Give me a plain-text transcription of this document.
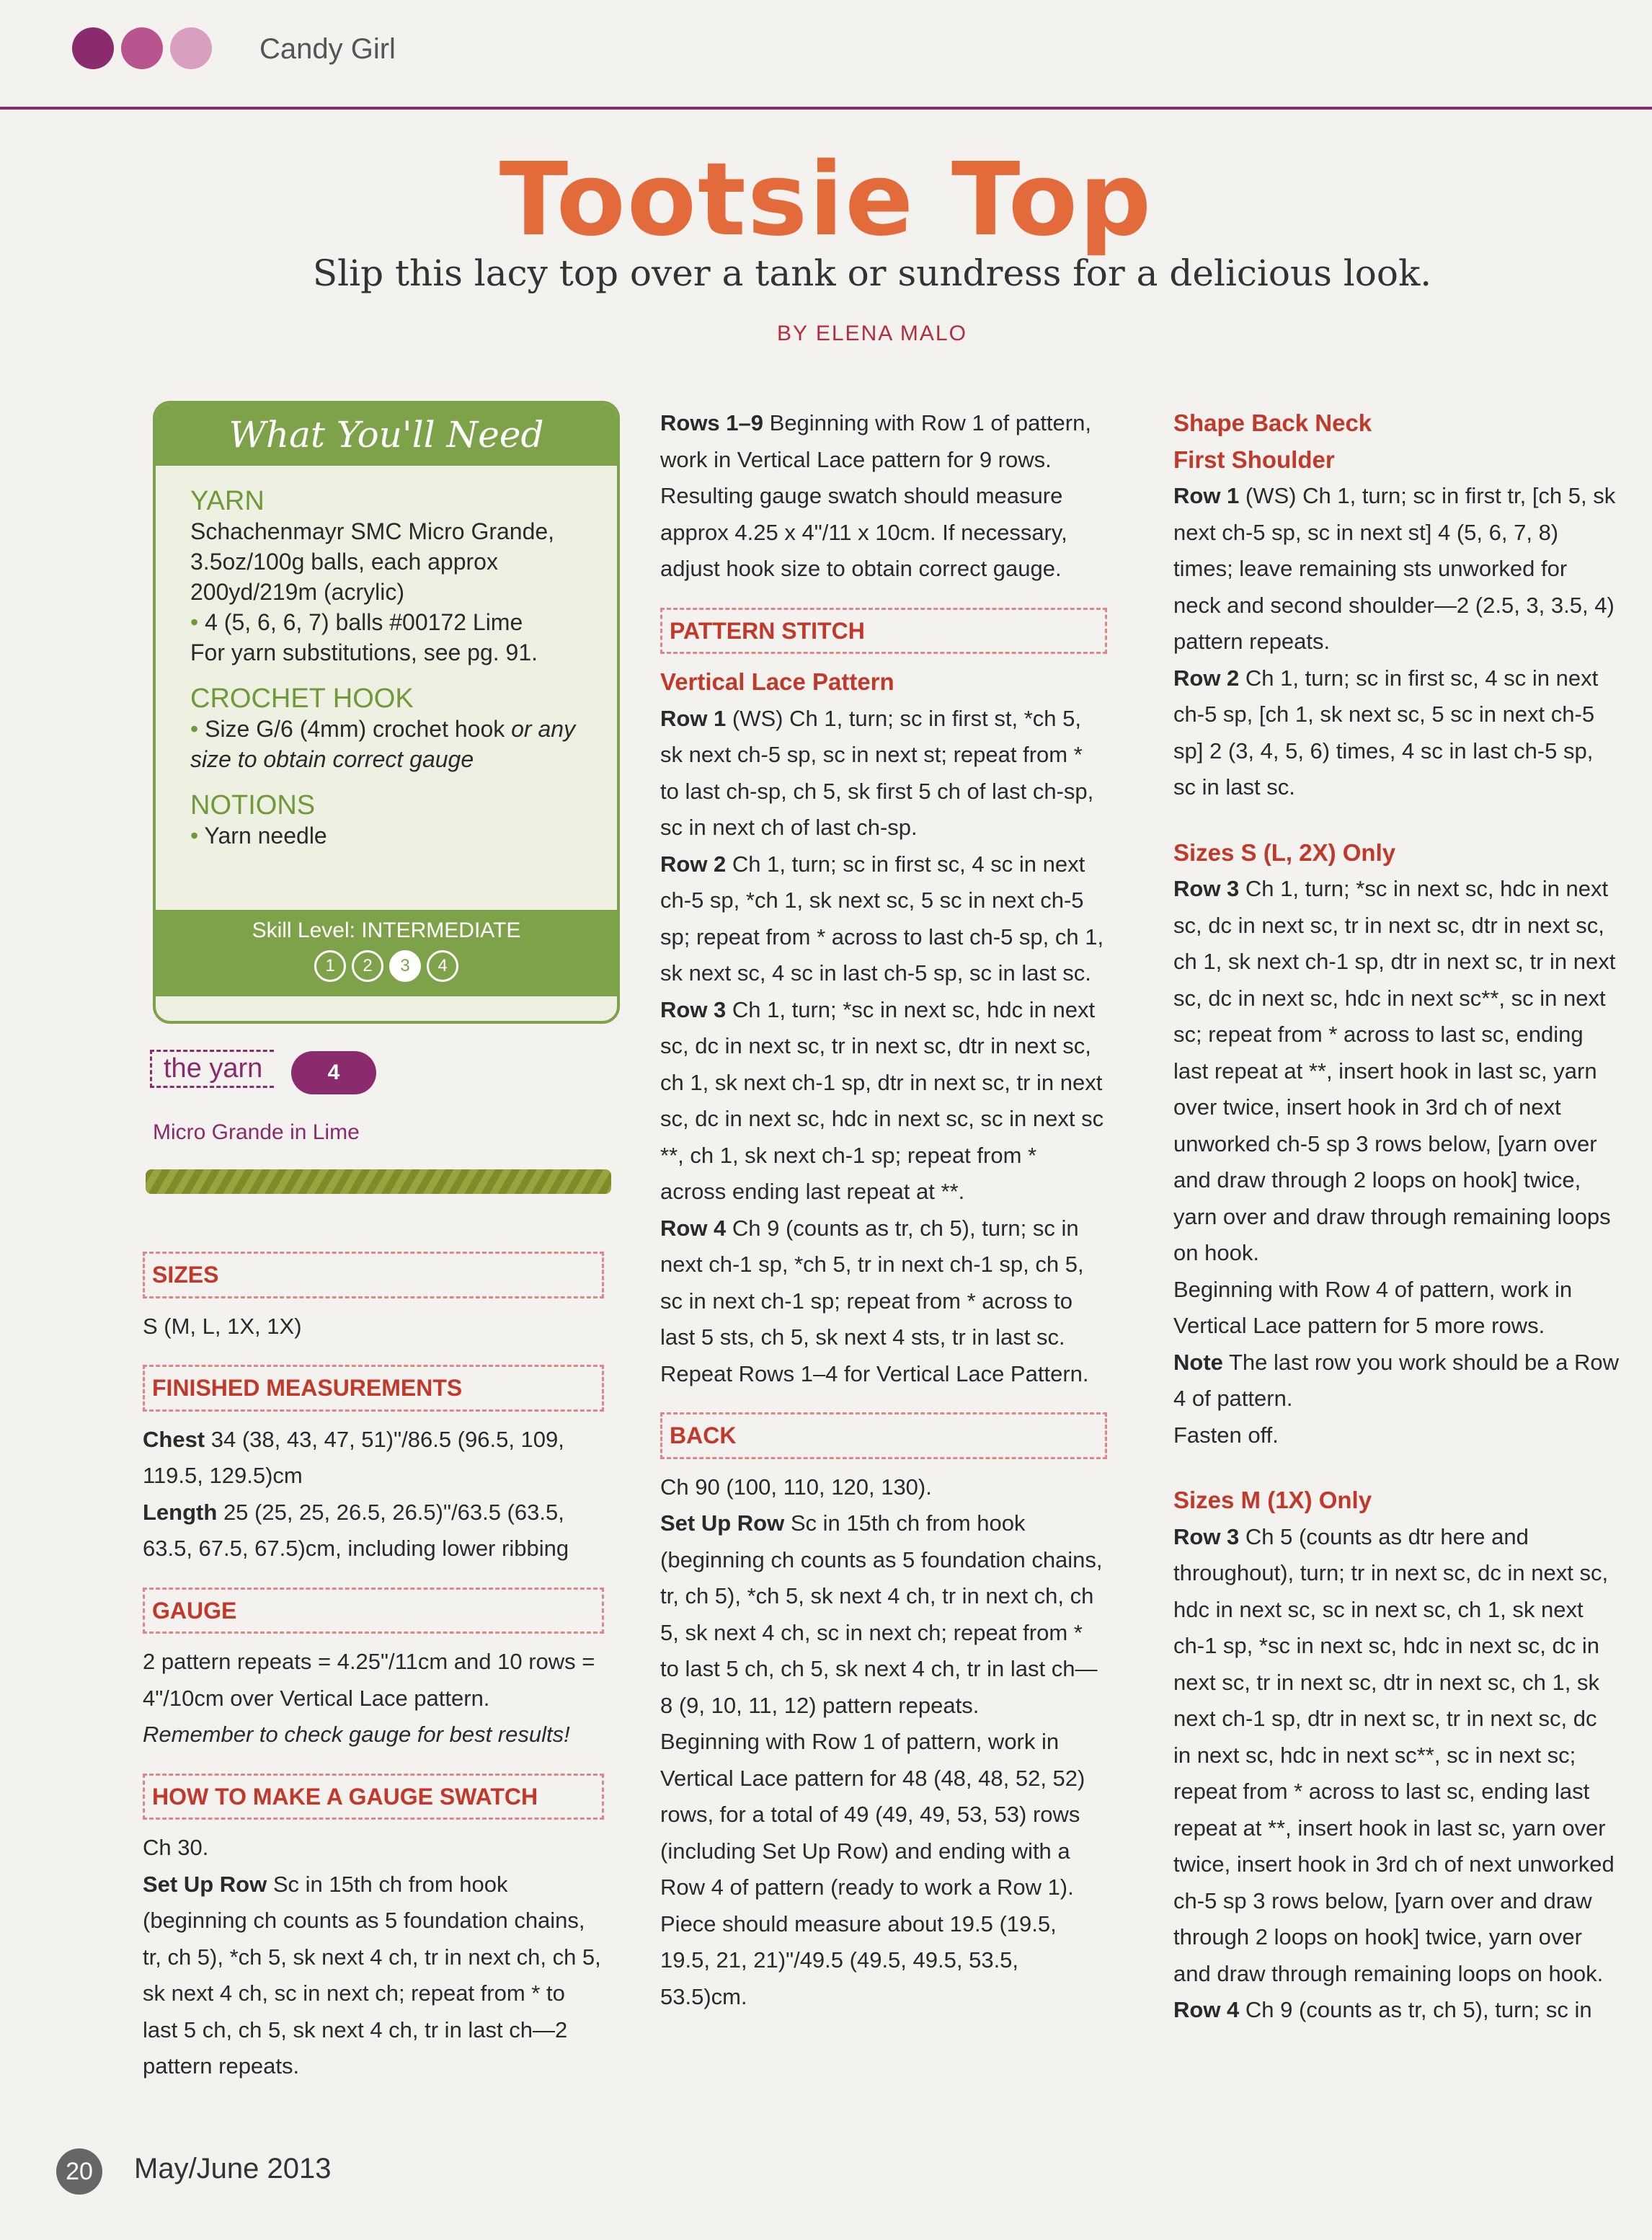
Candy Girl
Tootsie Top
Slip this lacy top over a tank or sundress for a delicious look.
BY ELENA MALO
What You'll Need
YARN
Schachenmayr SMC Micro Grande,
3.5oz/100g balls, each approx
200yd/219m (acrylic)
• 4 (5, 6, 6, 7) balls #00172 Lime
For yarn substitutions, see pg. 91.
CROCHET HOOK
• Size G/6 (4mm) crochet hook or any size to obtain correct gauge
NOTIONS
• Yarn needle
Skill Level: INTERMEDIATE
1	2	3	4
the yarn	4
Micro Grande in Lime
SIZES

S (M, L, 1X, 1X)

FINISHED MEASUREMENTS

Chest 34 (38, 43, 47, 51)"/86.5 (96.5, 109, 119.5, 129.5)cm

Length 25 (25, 25, 26.5, 26.5)"/63.5 (63.5, 63.5, 67.5, 67.5)cm, including lower ribbing

GAUGE

2 pattern repeats = 4.25"/11cm and 10 rows = 4"/10cm over Vertical Lace pattern.

Remember to check gauge for best results!

HOW TO MAKE A GAUGE SWATCH

Ch 30.

Set Up Row Sc in 15th ch from hook (beginning ch counts as 5 foundation chains, tr, ch 5), *ch 5, sk next 4 ch, tr in next ch, ch 5, sk next 4 ch, sc in next ch; repeat from * to last 5 ch, ch 5, sk next 4 ch, tr in last ch—2 pattern repeats.

Rows 1–9 Beginning with Row 1 of pattern, work in Vertical Lace pattern for 9 rows. Resulting gauge swatch should measure approx 4.25 x 4"/11 x 10cm. If necessary, adjust hook size to obtain correct gauge.

PATTERN STITCH
Vertical Lace Pattern

Row 1 (WS) Ch 1, turn; sc in first st, *ch 5, sk next ch-5 sp, sc in next st; repeat from * to last ch-sp, ch 5, sk first 5 ch of last ch-sp, sc in next ch of last ch-sp.

Row 2 Ch 1, turn; sc in first sc, 4 sc in next ch-5 sp, *ch 1, sk next sc, 5 sc in next ch-5 sp; repeat from * across to last ch-5 sp, ch 1, sk next sc, 4 sc in last ch-5 sp, sc in last sc.

Row 3 Ch 1, turn; *sc in next sc, hdc in next sc, dc in next sc, tr in next sc, dtr in next sc, ch 1, sk next ch-1 sp, dtr in next sc, tr in next sc, dc in next sc, hdc in next sc, sc in next sc **, ch 1, sk next ch-1 sp; repeat from * across ending last repeat at **.

Row 4 Ch 9 (counts as tr, ch 5), turn; sc in next ch-1 sp, *ch 5, tr in next ch-1 sp, ch 5, sc in next ch-1 sp; repeat from * across to last 5 sts, ch 5, sk next 4 sts, tr in last sc. Repeat Rows 1–4 for Vertical Lace Pattern.

BACK

Ch 90 (100, 110, 120, 130).

Set Up Row Sc in 15th ch from hook (beginning ch counts as 5 foundation chains, tr, ch 5), *ch 5, sk next 4 ch, tr in next ch, ch 5, sk next 4 ch, sc in next ch; repeat from * to last 5 ch, ch 5, sk next 4 ch, tr in last ch—8 (9, 10, 11, 12) pattern repeats.

Beginning with Row 1 of pattern, work in Vertical Lace pattern for 48 (48, 48, 52, 52) rows, for a total of 49 (49, 49, 53, 53) rows (including Set Up Row) and ending with a Row 4 of pattern (ready to work a Row 1). Piece should measure about 19.5 (19.5, 19.5, 21, 21)"/49.5 (49.5, 49.5, 53.5, 53.5)cm.

Shape Back Neck
First Shoulder

Row 1 (WS) Ch 1, turn; sc in first tr, [ch 5, sk next ch-5 sp, sc in next st] 4 (5, 6, 7, 8) times; leave remaining sts unworked for neck and second shoulder—2 (2.5, 3, 3.5, 4) pattern repeats.

Row 2 Ch 1, turn; sc in first sc, 4 sc in next ch-5 sp, [ch 1, sk next sc, 5 sc in next ch-5 sp] 2 (3, 4, 5, 6) times, 4 sc in last ch-5 sp, sc in last sc.

Sizes S (L, 2X) Only

Row 3 Ch 1, turn; *sc in next sc, hdc in next sc, dc in next sc, tr in next sc, dtr in next sc, ch 1, sk next ch-1 sp, dtr in next sc, tr in next sc, dc in next sc, hdc in next sc**, sc in next sc; repeat from * across to last sc, ending last repeat at **, insert hook in last sc, yarn over twice, insert hook in 3rd ch of next unworked ch-5 sp 3 rows below, [yarn over and draw through 2 loops on hook] twice, yarn over and draw through remaining loops on hook.

Beginning with Row 4 of pattern, work in Vertical Lace pattern for 5 more rows.

Note The last row you work should be a Row 4 of pattern.

Fasten off.

Sizes M (1X) Only

Row 3 Ch 5 (counts as dtr here and throughout), turn; tr in next sc, dc in next sc, hdc in next sc, sc in next sc, ch 1, sk next ch-1 sp, *sc in next sc, hdc in next sc, dc in next sc, tr in next sc, dtr in next sc, ch 1, sk next ch-1 sp, dtr in next sc, tr in next sc, dc in next sc, hdc in next sc**, sc in next sc; repeat from * across to last sc, ending last repeat at **, insert hook in last sc, yarn over twice, insert hook in 3rd ch of next unworked ch-5 sp 3 rows below, [yarn over and draw through 2 loops on hook] twice, yarn over and draw through remaining loops on hook.

Row 4 Ch 9 (counts as tr, ch 5), turn; sc in

20	May/June 2013
